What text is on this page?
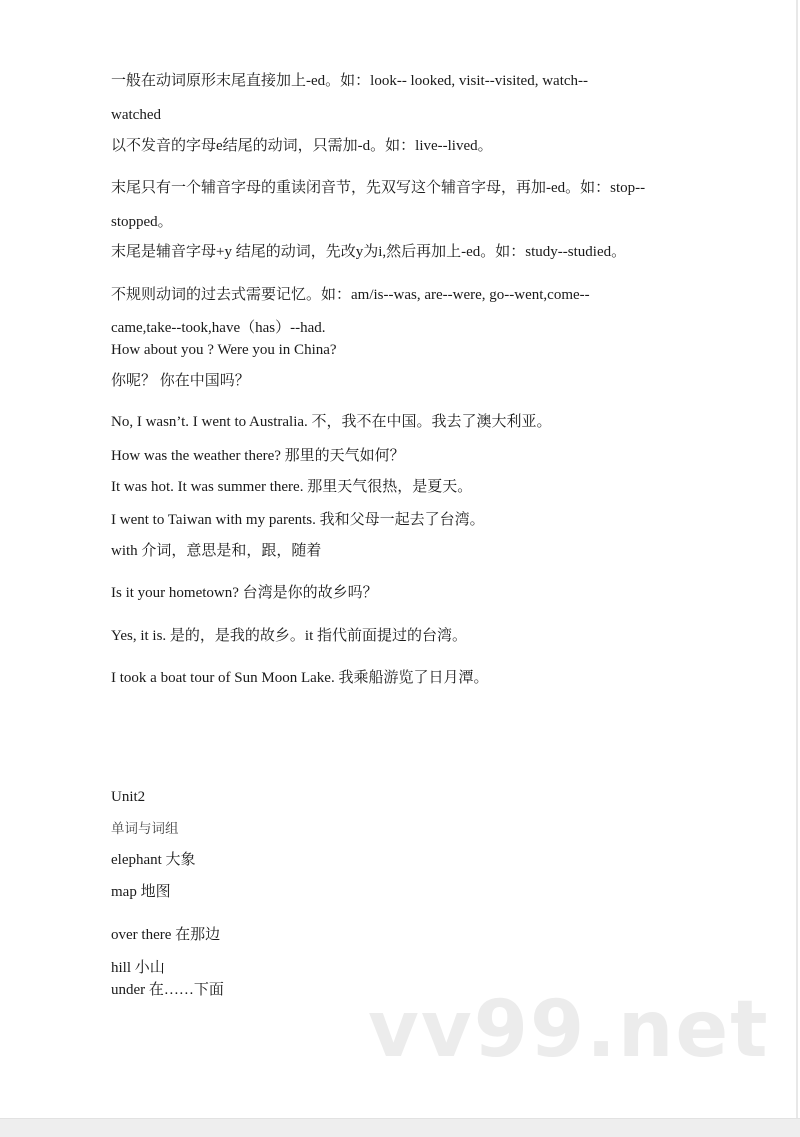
一般在动词原形末尾直接加上-ed。如：look-- looked, visit--visited, watch--
watched
以不发音的字母e结尾的动词，只需加-d。如：live--lived。
末尾只有一个辅音字母的重读闭音节，先双写这个辅音字母，再加-ed。如：stop--
stopped。
末尾是辅音字母+y 结尾的动词，先改y为i,然后再加上-ed。如：study--studied。
不规则动词的过去式需要记忆。如：am/is--was, are--were, go--went,come--
came,take--took,have（has）--had.
How about you ? Were you in China?
你呢？ 你在中国吗？
No, I wasn’t. I went to Australia. 不，我不在中国。我去了澳大利亚。
How was the weather there? 那里的天气如何？
It was hot. It was summer there. 那里天气很热，是夏天。
I went to Taiwan with my parents. 我和父母一起去了台湾。
with 介词，意思是和，跟，随着
Is it your hometown? 台湾是你的故乡吗？
Yes, it is. 是的，是我的故乡。it 指代前面提过的台湾。
I took a boat tour of Sun Moon Lake. 我乘船游览了日月潭。
Unit2
单词与词组
elephant 大象
map 地图
over there 在那边
hill 小山
under 在……下面 vv99.net
